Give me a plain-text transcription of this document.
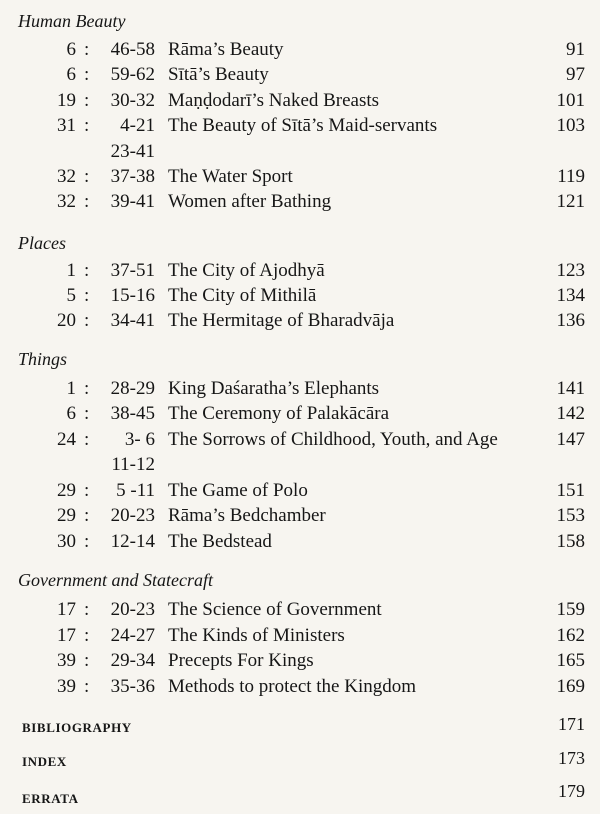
Human Beauty
6 : 46-58 Rāma’s Beauty	91
6 : 59-62 Sītā’s Beauty	97
19 : 30-32 Maṇḍodarī’s Naked Breasts	101
31 : 4-21 The Beauty of Sītā’s Maid-servants	103
23-41
32 : 37-38 The Water Sport	119
32 : 39-41 Women after Bathing	121
Places
1 : 37-51 The City of Ajodhyā	123
5 : 15-16 The City of Mithilā	134
20 : 34-41 The Hermitage of Bharadvāja	136
Things
1 : 28-29 King Daśaratha’s Elephants	141
6 : 38-45 The Ceremony of Palakācāra	142
24 : 3- 6 The Sorrows of Childhood, Youth, and Age	147
11-12
29 : 5 -11 The Game of Polo	151
29 : 20-23 Rāma’s Bedchamber	153
30 : 12-14 The Bedstead	158
Government and Statecraft
17 : 20-23 The Science of Government	159
17 : 24-27 The Kinds of Ministers	162
39 : 29-34 Precepts For Kings	165
39 : 35-36 Methods to protect the Kingdom	169
BIBLIOGRAPHY	171
INDEX	173
ERRATA	179
